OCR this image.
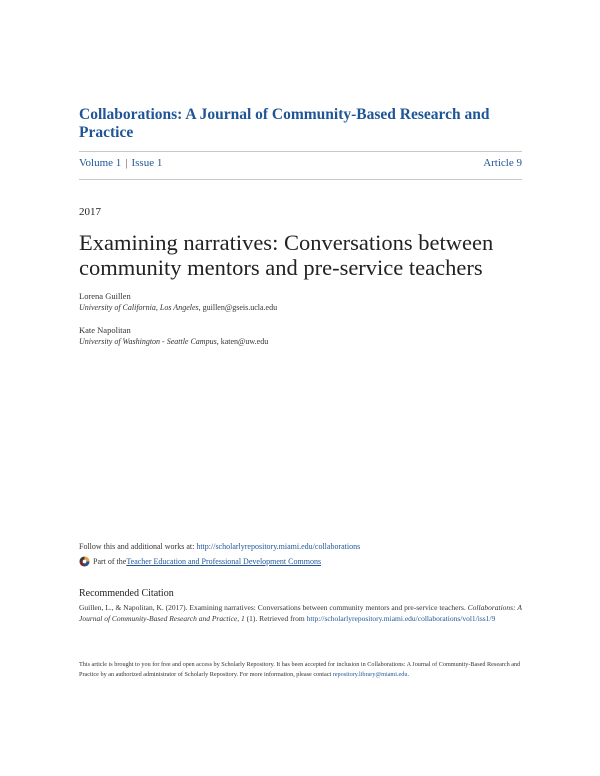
Collaborations: A Journal of Community-Based Research and Practice
Volume 1 | Issue 1	Article 9
2017
Examining narratives: Conversations between community mentors and pre-service teachers
Lorena Guillen
University of California, Los Angeles, guillen@gseis.ucla.edu
Kate Napolitan
University of Washington - Seattle Campus, katen@uw.edu
Follow this and additional works at: http://scholarlyrepository.miami.edu/collaborations
Part of the Teacher Education and Professional Development Commons
Recommended Citation
Guillen, L., & Napolitan, K. (2017). Examining narratives: Conversations between community mentors and pre-service teachers. Collaborations: A Journal of Community-Based Research and Practice, 1 (1). Retrieved from http://scholarlyrepository.miami.edu/collaborations/vol1/iss1/9
This article is brought to you for free and open access by Scholarly Repository. It has been accepted for inclusion in Collaborations: A Journal of Community-Based Research and Practice by an authorized administrator of Scholarly Repository. For more information, please contact repository.library@miami.edu.
